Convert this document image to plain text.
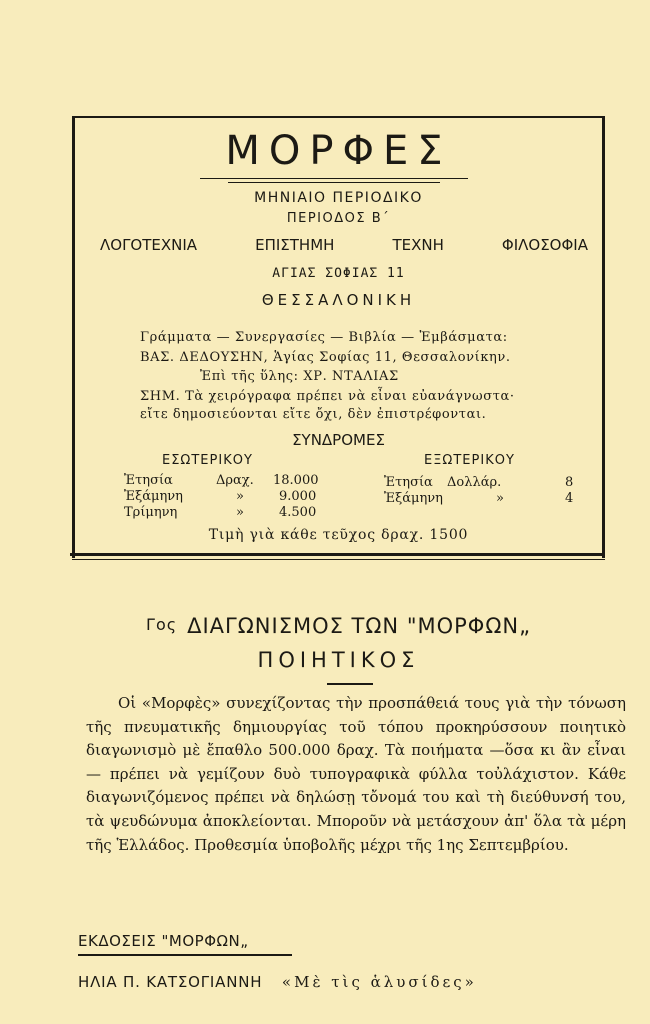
ΜΟΡΦΕΣ
ΜΗΝΙΑΙΟ ΠΕΡΙΟΔΙΚΟ
ΠΕΡΙΟΔΟΣ Β΄
ΛΟΓΟΤΕΧΝΙΑ	ΕΠΙΣΤΗΜΗ	ΤΕΧΝΗ	ΦΙΛΟΣΟΦΙΑ
ΑΓΙΑΣ ΣΟΦΙΑΣ 11
ΘΕΣΣΑΛΟΝΙΚΗ
Γράμματα — Συνεργασίες — Βιβλία — Ἐμβάσματα:
ΒΑΣ. ΔΕΔΟΥΣΗΝ, Ἁγίας Σοφίας 11, Θεσσαλονίκην.
Ἐπὶ τῆς ὕλης: ΧΡ. ΝΤΑΛΙΑΣ
ΣΗΜ. Τὰ χειρόγραφα πρέπει νὰ εἶναι εὐανάγνωστα·
εἴτε δημοσιεύονται εἴτε ὄχι, δὲν ἐπιστρέφονται.
ΣΥΝΔΡΟΜΕΣ
ΕΣΩΤΕΡΙΚΟΥ	ΕΞΩΤΕΡΙΚΟΥ
Ἐτησία	Δραχ. 18.000
Ἐξάμηνη	»	9.000
Τρίμηνη	»	4.500
Ἐτησία Δολλάρ.	8
Ἐξάμηνη	»	4
Τιμὴ γιὰ κάθε τεῦχος δραχ. 1500
Γος ΔΙΑΓΩΝΙΣΜΟΣ ΤΩΝ "ΜΟΡΦΩΝ„
ΠΟΙΗΤΙΚΟΣ
Οἱ «Μορφὲς» συνεχίζοντας τὴν προσπάθειά τους γιὰ τὴν τόνωση τῆς πνευματικῆς δημιουργίας τοῦ τόπου προκηρύσσουν ποιητικὸ διαγωνισμὸ μὲ ἔπαθλο 500.000 δραχ. Τὰ ποιήματα —ὅσα κι ἂν εἶναι— πρέπει νὰ γεμίζουν δυὸ τυπογραφικὰ φύλλα τοὐλάχιστον. Κάθε διαγωνιζόμενος πρέπει νὰ δηλώσῃ τὄνομά του καὶ τὴ διεύθυνσή του, τὰ ψευδώνυμα ἀποκλείονται. Μποροῦν νὰ μετάσχουν ἀπ' ὅλα τὰ μέρη τῆς Ἑλλάδος. Προθεσμία ὑποβολῆς μέχρι τῆς 1ης Σεπτεμβρίου.
ΕΚΔΟΣΕΙΣ "ΜΟΡΦΩΝ„
ΗΛΙΑ Π. ΚΑΤΣΟΓΙΑΝΝΗ «Μὲ τὶς ἁλυσίδες»
